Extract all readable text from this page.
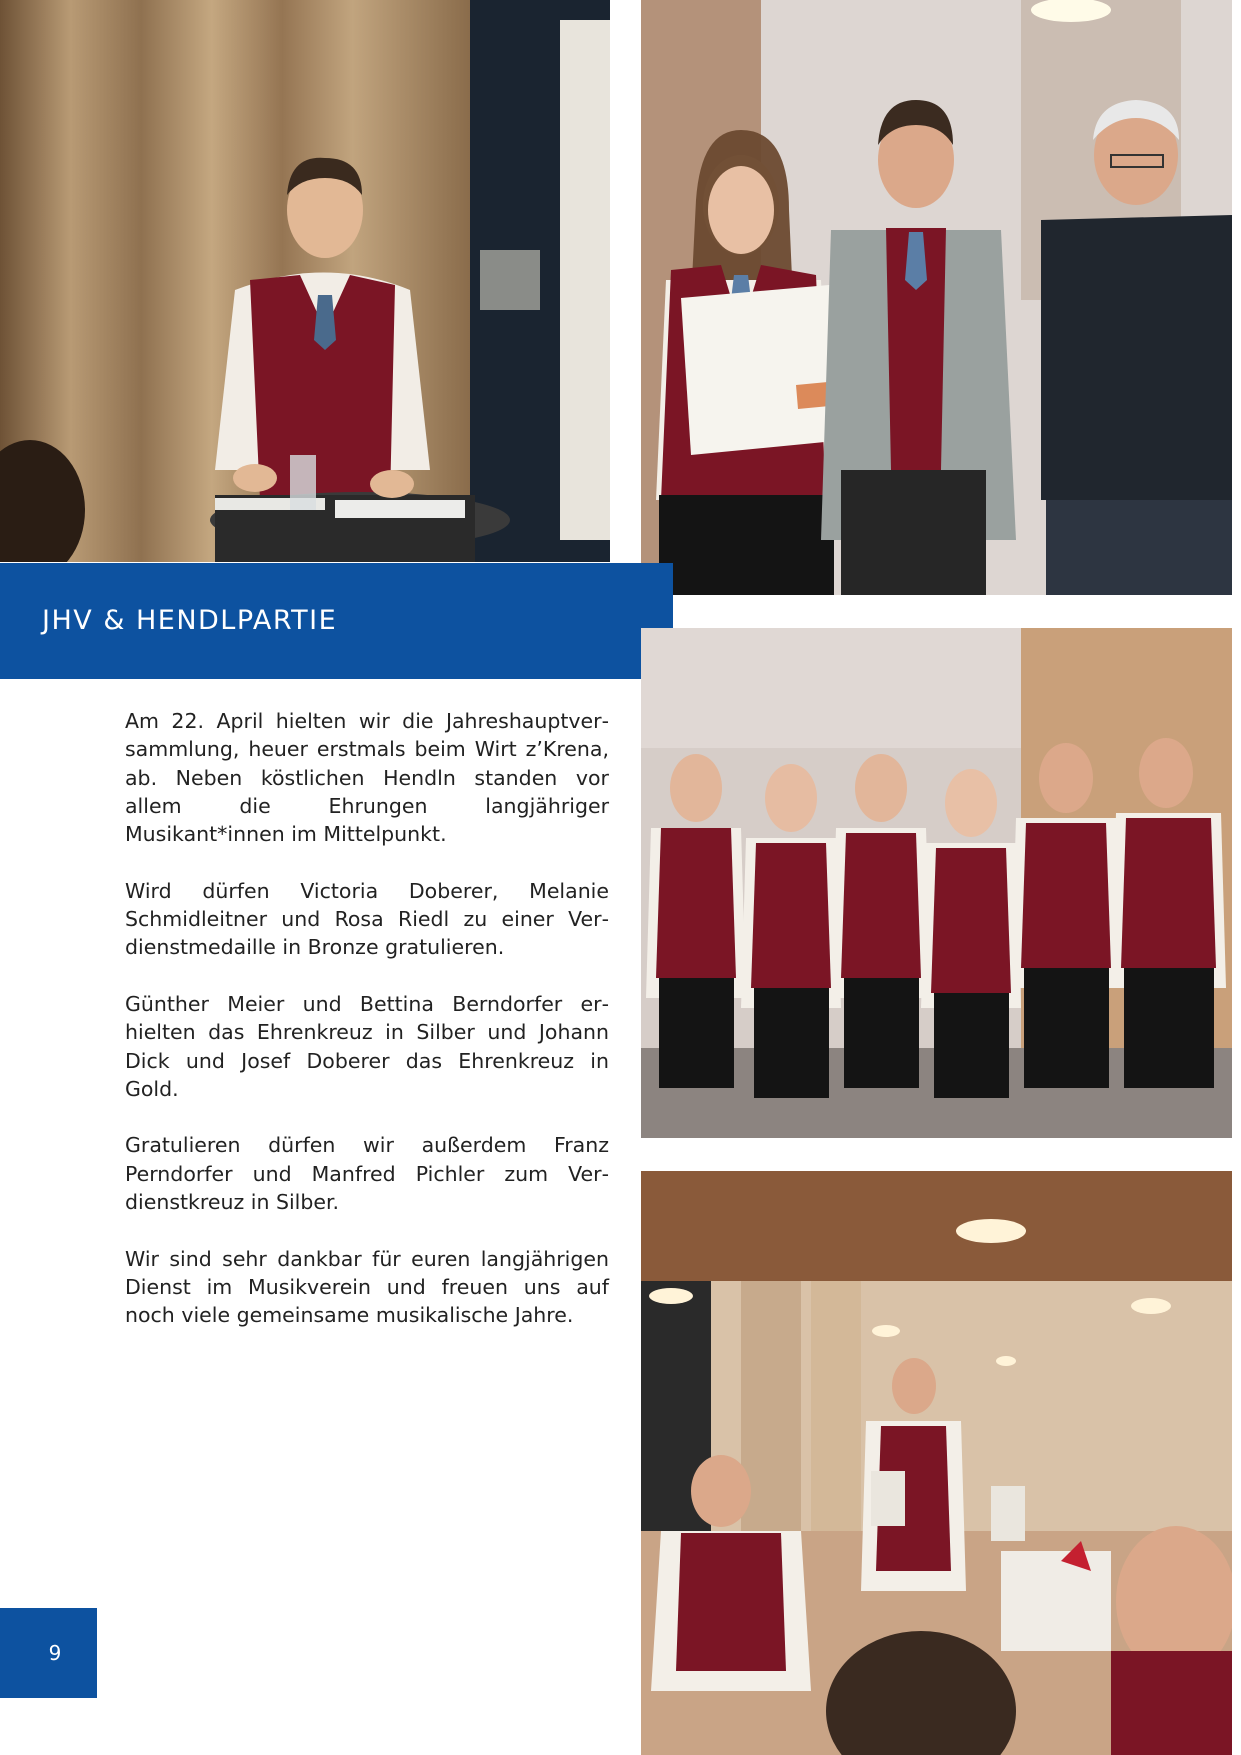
JHV & HENDLPARTIE

Am 22. April hielten wir die Jahreshauptversammlung, heuer erstmals beim Wirt z’Krena, ab. Neben köstlichen Hendln standen vor allem die Ehrungen langjähriger Musikant*innen im Mittelpunkt.

Wird dürfen Victoria Doberer, Melanie Schmidleitner und Rosa Riedl zu einer Verdienstmedaille in Bronze gratulieren.

Günther Meier und Bettina Berndorfer erhielten das Ehrenkreuz in Silber und Johann Dick und Josef Doberer das Ehrenkreuz in Gold.

Gratulieren dürfen wir außerdem Franz Perndorfer und Manfred Pichler zum Verdienstkreuz in Silber.

Wir sind sehr dankbar für euren langjährigen Dienst im Musikverein und freuen uns auf noch viele gemeinsame musikalische Jahre.

9
